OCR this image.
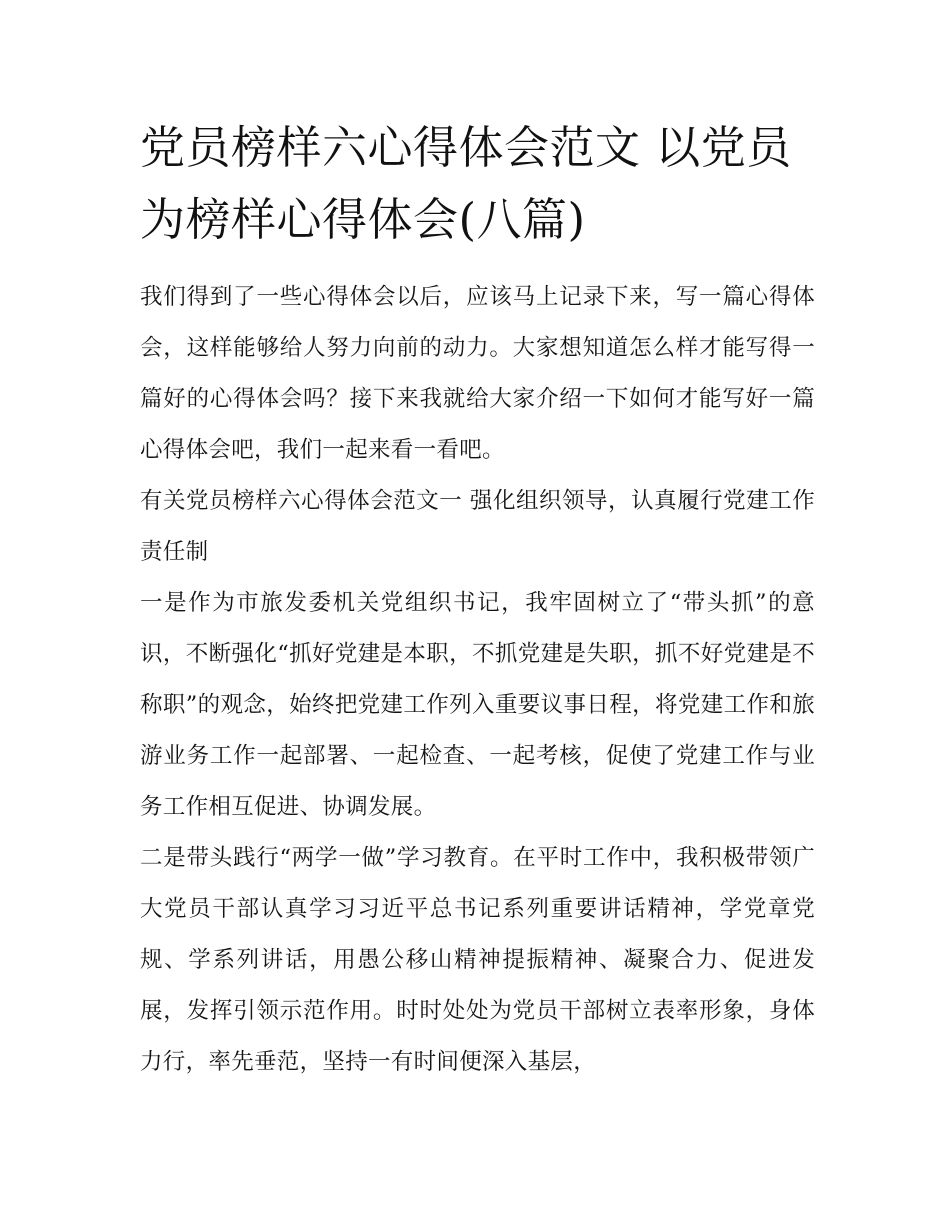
党员榜样六心得体会范文 以党员为榜样心得体会(八篇)

我们得到了一些心得体会以后，应该马上记录下来，写一篇心得体会，这样能够给人努力向前的动力。大家想知道怎么样才能写得一篇好的心得体会吗？接下来我就给大家介绍一下如何才能写好一篇心得体会吧，我们一起来看一看吧。

有关党员榜样六心得体会范文一 强化组织领导，认真履行党建工作责任制

一是作为市旅发委机关党组织书记，我牢固树立了“带头抓”的意识，不断强化“抓好党建是本职，不抓党建是失职，抓不好党建是不称职”的观念，始终把党建工作列入重要议事日程，将党建工作和旅游业务工作一起部署、一起检查、一起考核，促使了党建工作与业务工作相互促进、协调发展。

二是带头践行“两学一做”学习教育。在平时工作中，我积极带领广大党员干部认真学习习近平总书记系列重要讲话精神，学党章党规、学系列讲话，用愚公移山精神提振精神、凝聚合力、促进发展，发挥引领示范作用。时时处处为党员干部树立表率形象，身体力行，率先垂范，坚持一有时间便深入基层，
